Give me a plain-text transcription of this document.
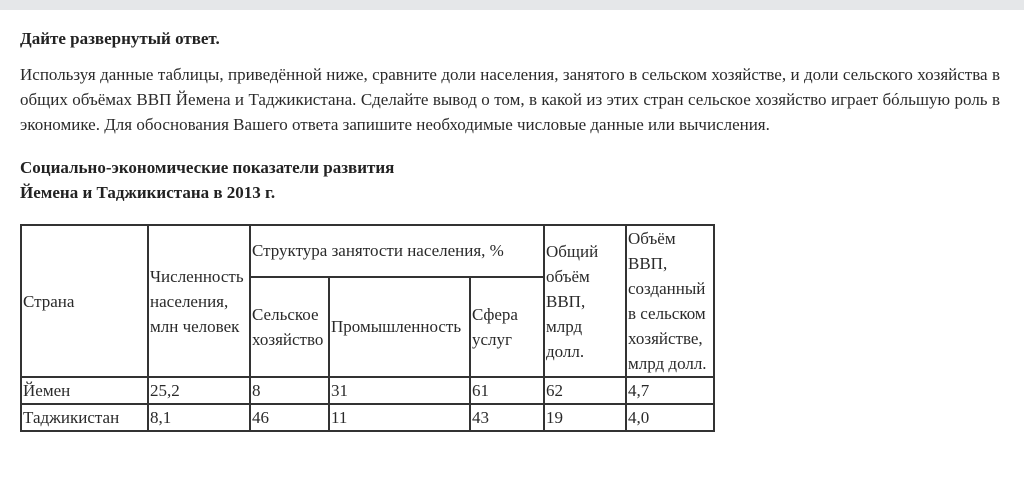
Дайте развернутый ответ.
Используя данные таблицы, приведённой ниже, сравните доли населения, занятого в сельском хозяйстве, и доли сельского хозяйства в общих объёмах ВВП Йемена и Таджикистана. Сделайте вывод о том, в какой из этих стран сельское хозяйство играет бóльшую роль в экономике. Для обоснования Вашего ответа запишите необходимые числовые данные или вычисления.
Социально-экономические показатели развития
Йемена и Таджикистана в 2013 г.
Страна	Численность населения, млн человек	Структура занятости населения, %			Общий объём ВВП, млрд долл.	Объём ВВП, созданный в сельском хозяйстве, млрд долл.
		Сельское хозяйство	Промышленность	Сфера услуг		
Йемен	25,2	8	31	61	62	4,7
Таджикистан	8,1	46	11	43	19	4,0
